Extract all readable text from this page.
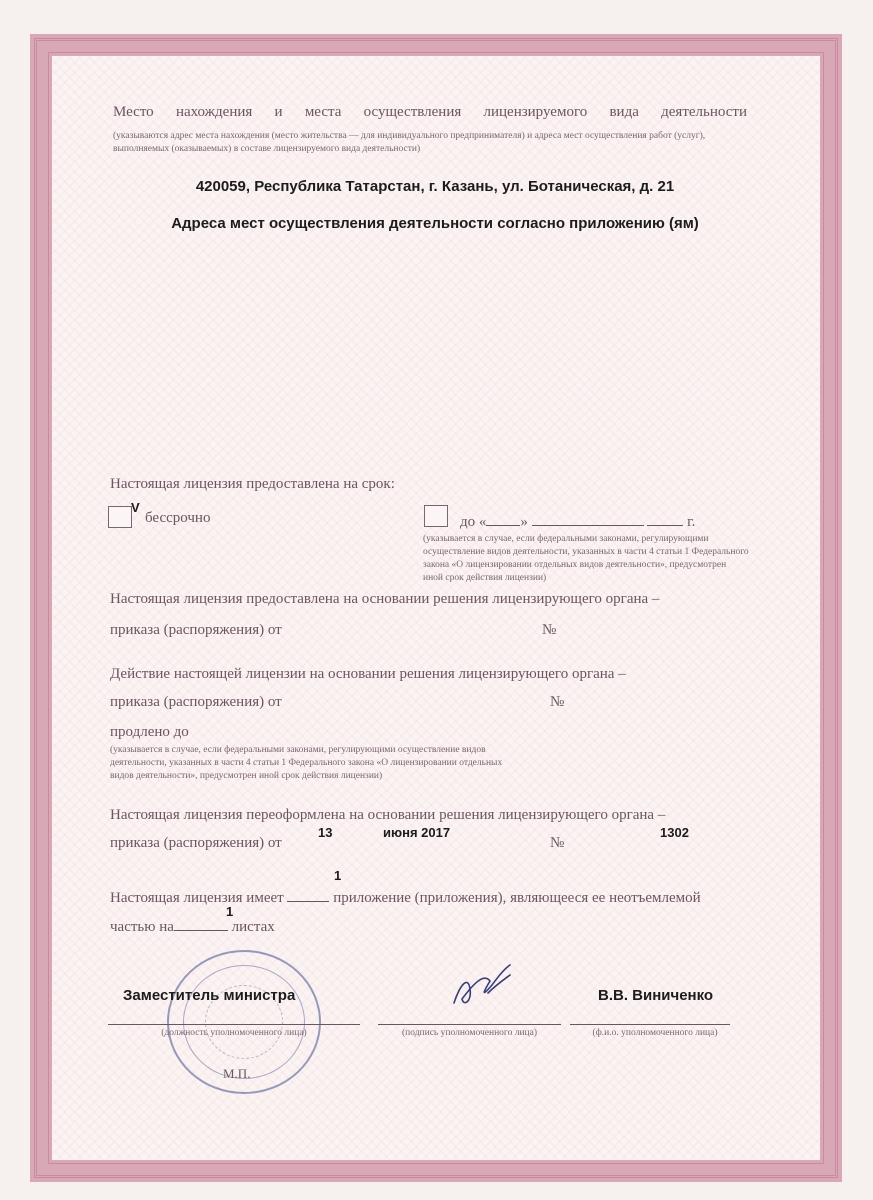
Место нахождения и места осуществления лицензируемого вида деятельности
(указываются адрес места нахождения (место жительства — для индивидуального предпринимателя) и адреса мест осуществления работ (услуг),
выполняемых (оказываемых) в составе лицензируемого вида деятельности)
420059, Республика Татарстан, г. Казань, ул. Ботаническая, д. 21
Адреса мест осуществления деятельности согласно приложению (ям)
Настоящая лицензия предоставлена на срок:
V
бессрочно	до « »	г.
(указывается в случае, если федеральными законами, регулирующими
осуществление видов деятельности, указанных в части 4 статьи 1 Федерального
закона «О лицензировании отдельных видов деятельности», предусмотрен
иной срок действия лицензии)
Настоящая лицензия предоставлена на основании решения лицензирующего органа –
приказа (распоряжения) от	№
Действие настоящей лицензии на основании решения лицензирующего органа –
приказа (распоряжения) от	№
продлено до
(указывается в случае, если федеральными законами, регулирующими осуществление видов
деятельности, указанных в части 4 статьи 1 Федерального закона «О лицензировании отдельных
видов деятельности», предусмотрен иной срок действия лицензии)
Настоящая лицензия переоформлена на основании решения лицензирующего органа –
приказа (распоряжения) от
13	июня 2017
№
1302
1
Настоящая лицензия имеет	приложение (приложения), являющееся ее неотъемлемой
1
частью на	листах
Заместитель министра	В.В. Виниченко
(должность уполномоченного лица)	(подпись уполномоченного лица)	(ф.и.о. уполномоченного лица)
М.П.
